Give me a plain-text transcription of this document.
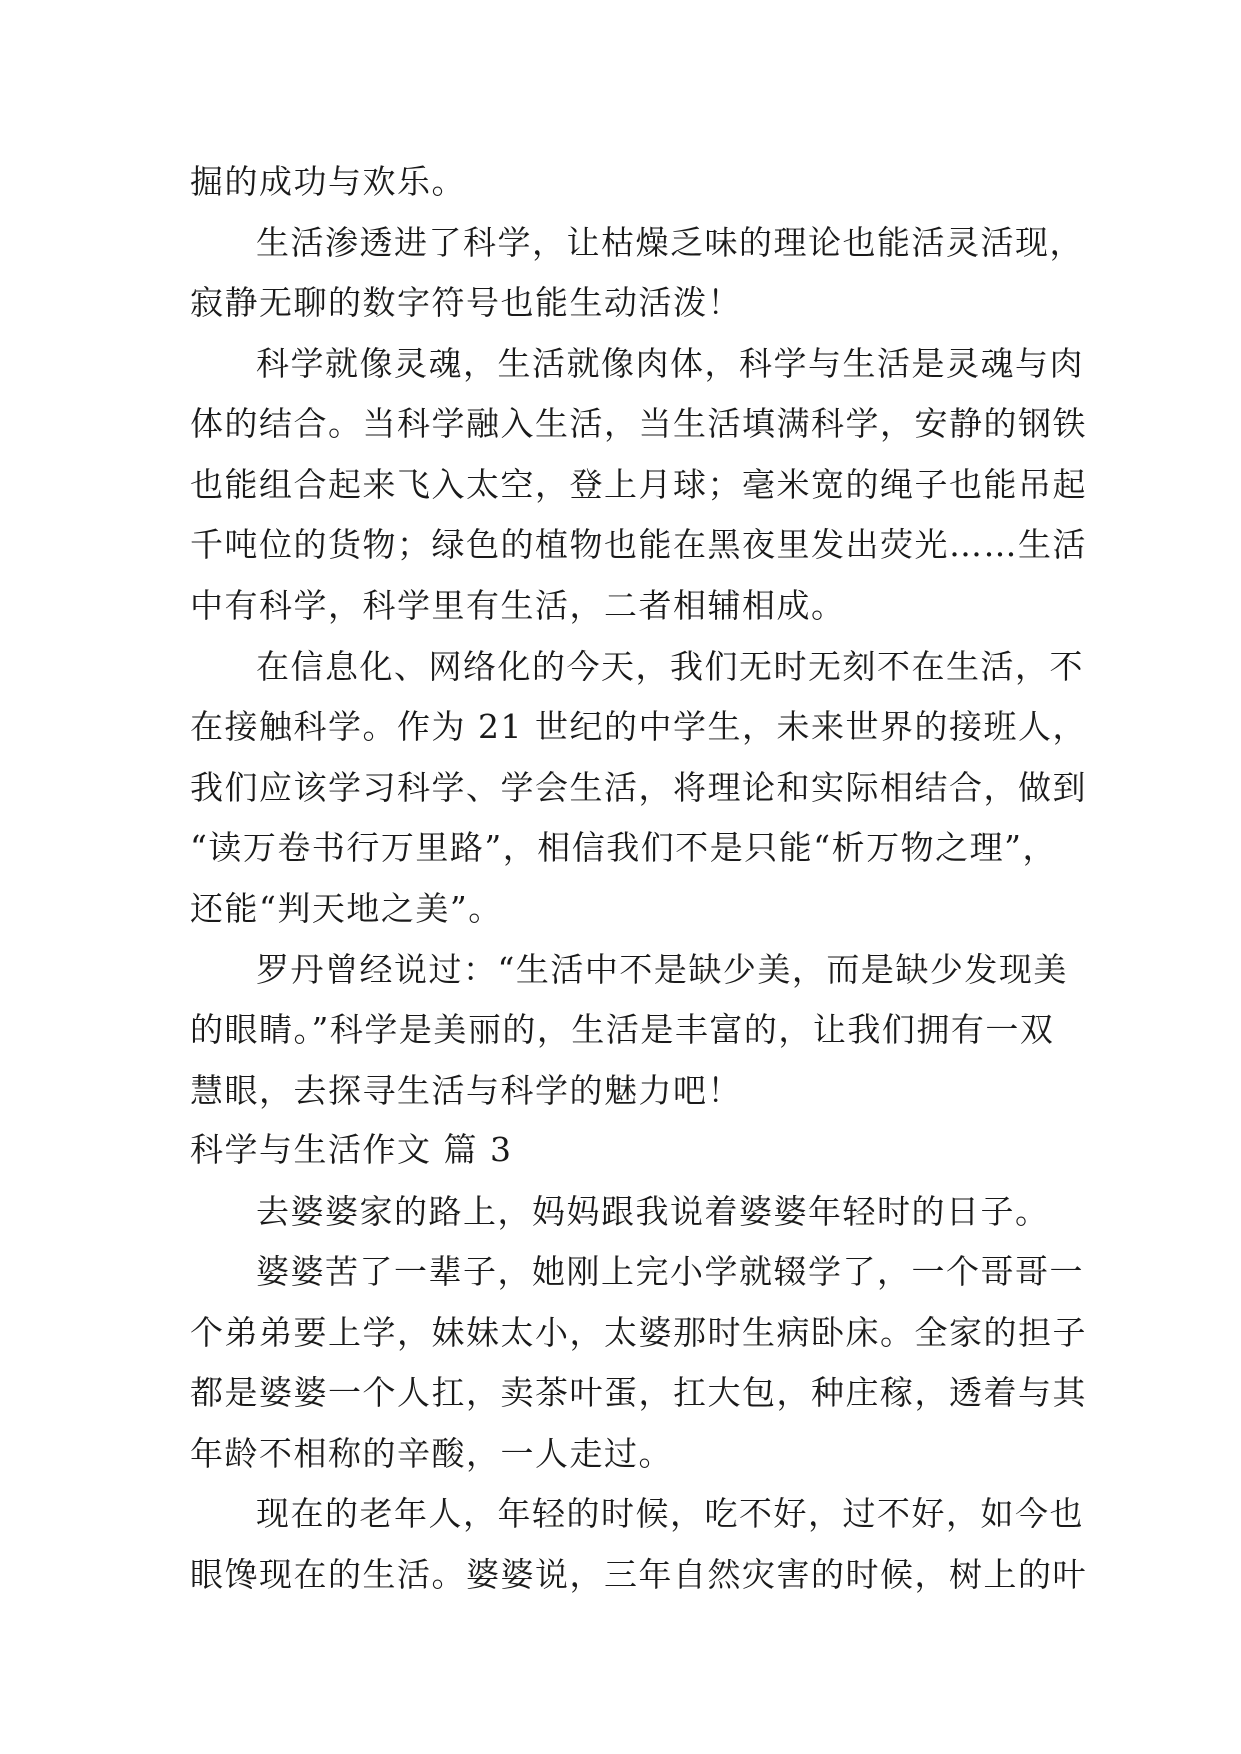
掘的成功与欢乐。
生活渗透进了科学，让枯燥乏味的理论也能活灵活现，
寂静无聊的数字符号也能生动活泼！
科学就像灵魂，生活就像肉体，科学与生活是灵魂与肉
体的结合。当科学融入生活，当生活填满科学，安静的钢铁
也能组合起来飞入太空，登上月球；毫米宽的绳子也能吊起
千吨位的货物；绿色的植物也能在黑夜里发出荧光……生活
中有科学，科学里有生活，二者相辅相成。
在信息化、网络化的今天，我们无时无刻不在生活，不
在接触科学。作为 21 世纪的中学生，未来世界的接班人，
我们应该学习科学、学会生活，将理论和实际相结合，做到
“读万卷书行万里路”，相信我们不是只能“析万物之理”，
还能“判天地之美”。
罗丹曾经说过：“生活中不是缺少美，而是缺少发现美
的眼睛。”科学是美丽的，生活是丰富的，让我们拥有一双
慧眼，去探寻生活与科学的魅力吧！
科学与生活作文 篇 3
去婆婆家的路上，妈妈跟我说着婆婆年轻时的日子。
婆婆苦了一辈子，她刚上完小学就辍学了，一个哥哥一
个弟弟要上学，妹妹太小，太婆那时生病卧床。全家的担子
都是婆婆一个人扛，卖茶叶蛋，扛大包，种庄稼，透着与其
年龄不相称的辛酸，一人走过。
现在的老年人，年轻的时候，吃不好，过不好，如今也
眼馋现在的生活。婆婆说，三年自然灾害的时候，树上的叶
